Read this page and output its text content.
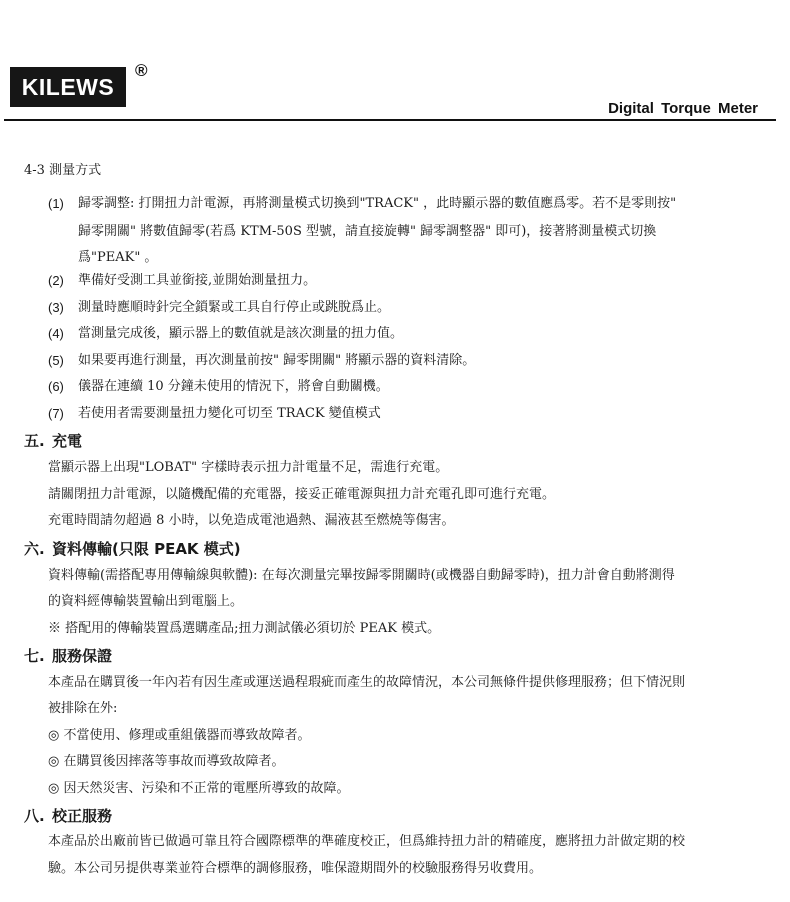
KILEWS
®
Digital Torque Meter
4-3 測量方式
(1) 歸零調整: 打開扭力計電源，再將測量模式切換到"TRACK" ，此時顯示器的數值應爲零。若不是零則按"
歸零開關" 將數值歸零(若爲 KTM-50S 型號，請直接旋轉" 歸零調整器" 即可)，接著將測量模式切換
爲"PEAK" 。
(2) 準備好受測工具並銜接,並開始測量扭力。
(3) 測量時應順時針完全鎖緊或工具自行停止或跳脫爲止。
(4) 當測量完成後，顯示器上的數值就是該次測量的扭力值。
(5) 如果要再進行測量，再次測量前按" 歸零開關" 將顯示器的資料清除。
(6) 儀器在連續 10 分鐘未使用的情況下，將會自動關機。
(7) 若使用者需要測量扭力變化可切至 TRACK 變值模式
五. 充電
當顯示器上出現"LOBAT" 字樣時表示扭力計電量不足，需進行充電。
請關閉扭力計電源，以隨機配備的充電器，接妥正確電源與扭力計充電孔即可進行充電。
充電時間請勿超過 8 小時，以免造成電池過熱、漏液甚至燃燒等傷害。
六. 資料傳輸(只限 PEAK 模式)
資料傳輸(需搭配專用傳輸線與軟體): 在每次測量完畢按歸零開關時(或機器自動歸零時)，扭力計會自動將測得
的資料經傳輸裝置輸出到電腦上。
※ 搭配用的傳輸裝置爲選購產品;扭力測試儀必須切於 PEAK 模式。
七. 服務保證
本產品在購買後一年內若有因生產或運送過程瑕疵而產生的故障情況，本公司無條件提供修理服務；但下情況則
被排除在外:
◎ 不當使用、修理或重組儀器而導致故障者。
◎ 在購買後因摔落等事故而導致故障者。
◎ 因天然災害、污染和不正常的電壓所導致的故障。
八. 校正服務
本產品於出廠前皆已做過可靠且符合國際標準的準確度校正，但爲維持扭力計的精確度，應將扭力計做定期的校
驗。本公司另提供專業並符合標準的調修服務，唯保證期間外的校驗服務得另收費用。
